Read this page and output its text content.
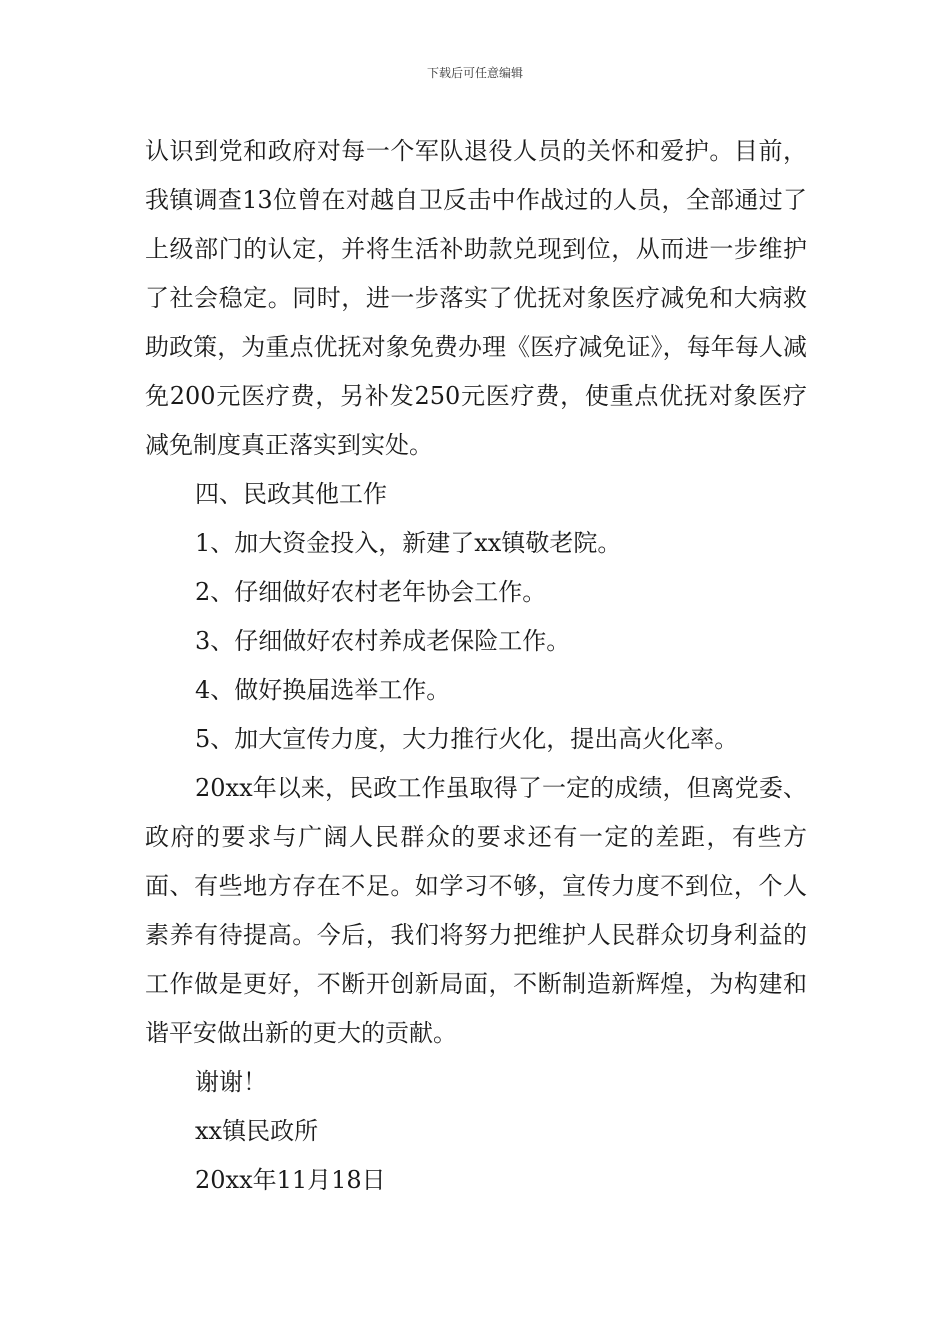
下载后可任意编辑

认识到党和政府对每一个军队退役人员的关怀和爱护。目前，我镇调查13位曾在对越自卫反击中作战过的人员，全部通过了上级部门的认定，并将生活补助款兑现到位，从而进一步维护了社会稳定。同时，进一步落实了优抚对象医疗减免和大病救助政策，为重点优抚对象免费办理《医疗减免证》，每年每人减免200元医疗费，另补发250元医疗费，使重点优抚对象医疗减免制度真正落实到实处。

四、民政其他工作

1、加大资金投入，新建了xx镇敬老院。

2、仔细做好农村老年协会工作。

3、仔细做好农村养成老保险工作。

4、做好换届选举工作。

5、加大宣传力度，大力推行火化，提出高火化率。

20xx年以来，民政工作虽取得了一定的成绩，但离党委、政府的要求与广阔人民群众的要求还有一定的差距，有些方面、有些地方存在不足。如学习不够，宣传力度不到位，个人素养有待提高。今后，我们将努力把维护人民群众切身利益的工作做是更好，不断开创新局面，不断制造新辉煌，为构建和谐平安做出新的更大的贡献。

谢谢！

xx镇民政所

20xx年11月18日
